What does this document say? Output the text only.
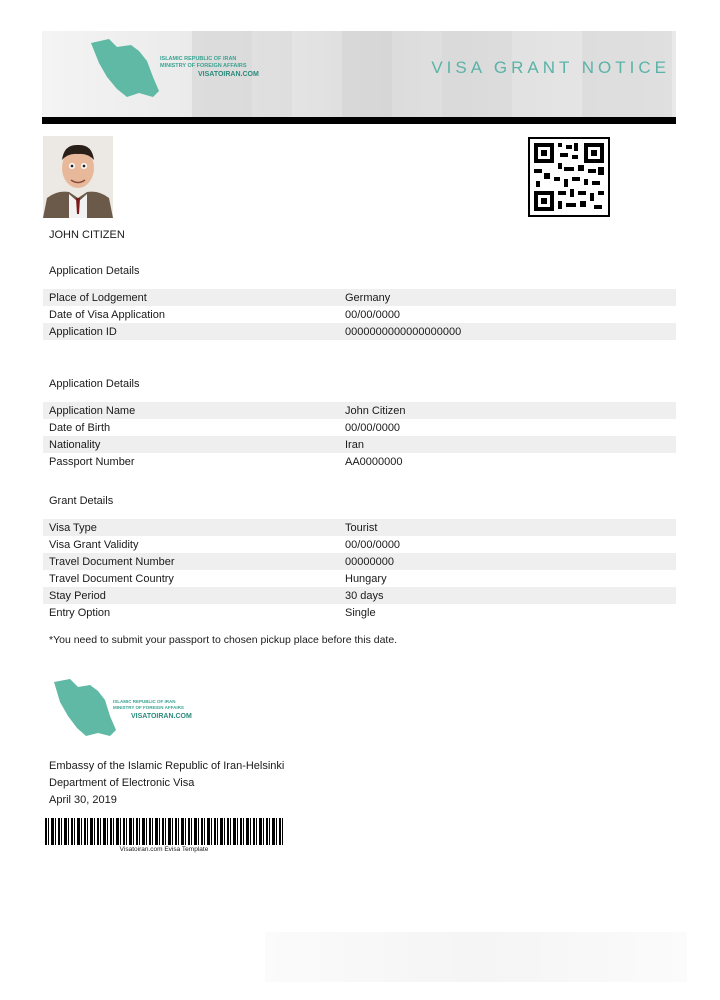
ISLAMIC REPUBLIC OF IRAN
MINISTRY OF FOREIGN AFFAIRS
VISATOIRAN.COM	VISA GRANT NOTICE
JOHN CITIZEN
Application Details
Place of Lodgement	Germany
Date of Visa Application	00/00/0000
Application ID	0000000000000000000
Application Details
Application Name	John Citizen
Date of Birth	00/00/0000
Nationality	Iran
Passport Number	AA0000000
Grant Details
Visa Type	Tourist
Visa Grant Validity	00/00/0000
Travel Document Number	00000000
Travel Document Country	Hungary
Stay Period	30 days
Entry Option	Single
*You need to submit your passport to chosen pickup place before this date.
ISLAMIC REPUBLIC OF IRAN
MINISTRY OF FOREIGN AFFAIRS
VISATOIRAN.COM
Embassy of the Islamic Republic of Iran-Helsinki
Department of Electronic Visa
April 30, 2019
Visatoiran.com Evisa Template
